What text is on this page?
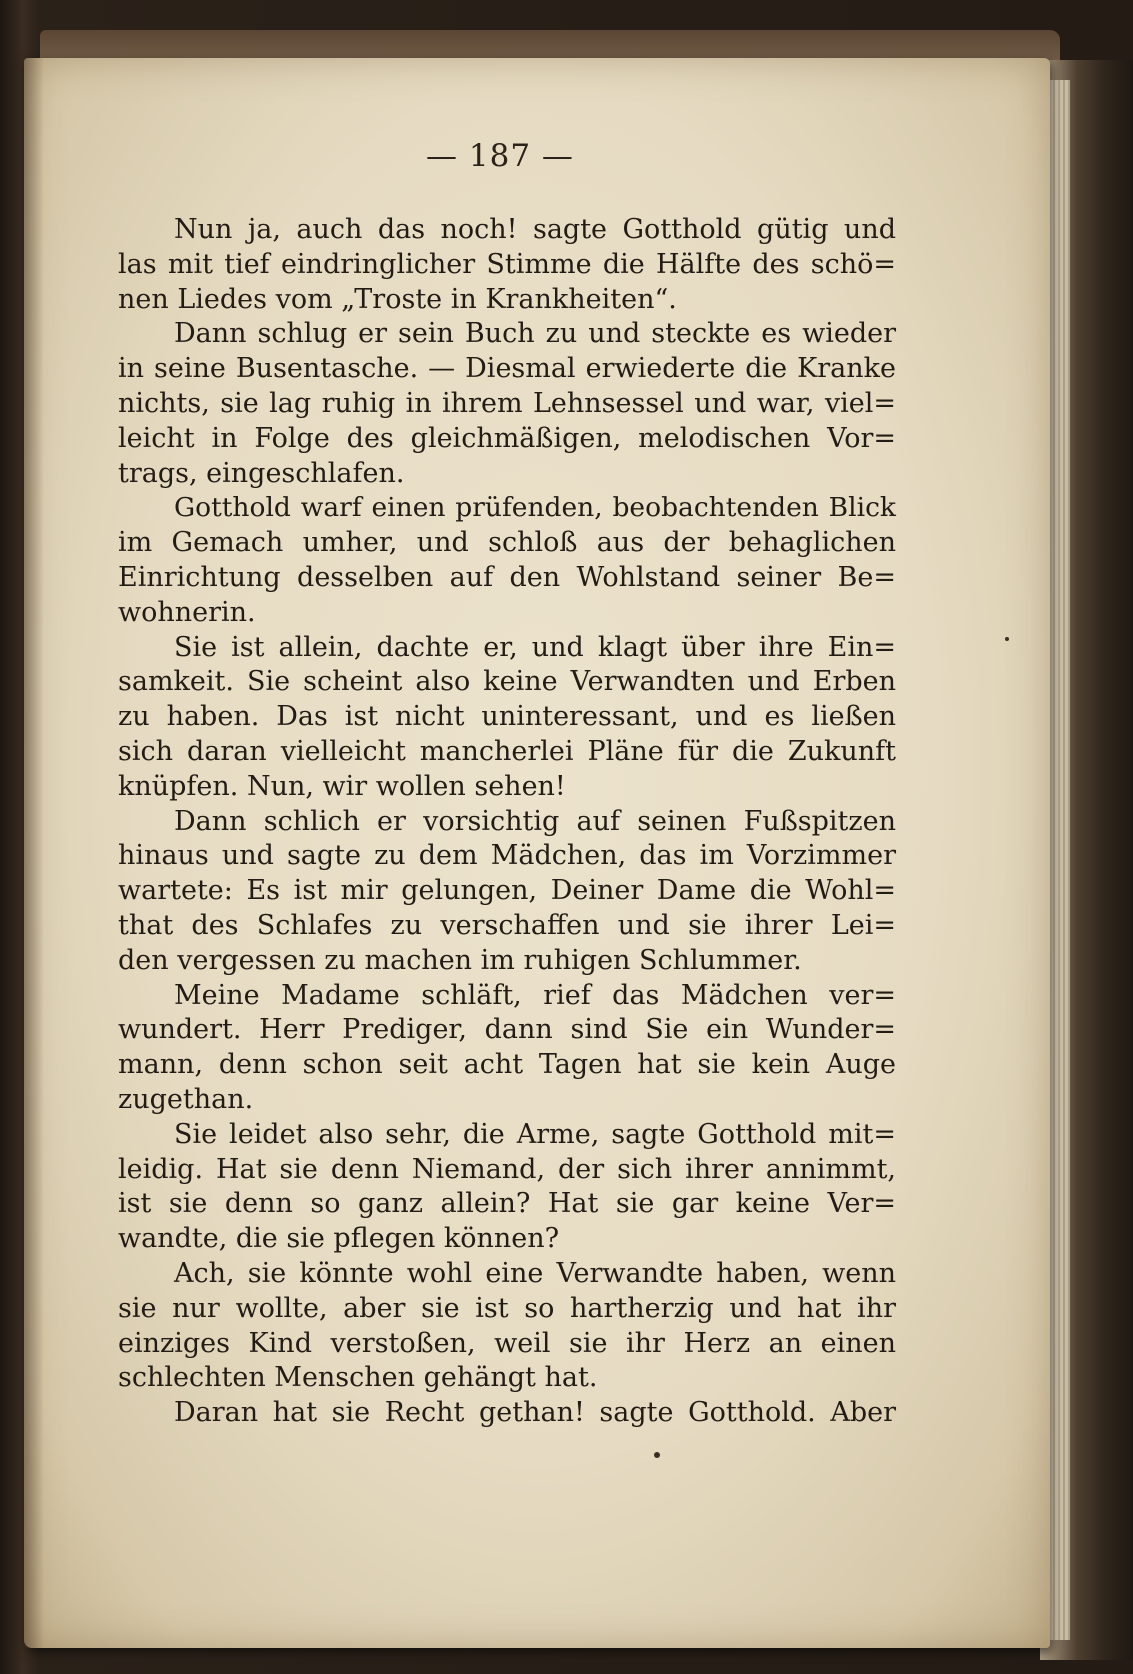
— 187 —
Nun ja, auch das noch! sagte Gotthold gütig und
las mit tief eindringlicher Stimme die Hälfte des schö=
nen Liedes vom „Troste in Krankheiten“.
Dann schlug er sein Buch zu und steckte es wieder
in seine Busentasche. — Diesmal erwiederte die Kranke
nichts, sie lag ruhig in ihrem Lehnsessel und war, viel=
leicht in Folge des gleichmäßigen, melodischen Vor=
trags, eingeschlafen.
Gotthold warf einen prüfenden, beobachtenden Blick
im Gemach umher, und schloß aus der behaglichen
Einrichtung desselben auf den Wohlstand seiner Be=
wohnerin.
Sie ist allein, dachte er, und klagt über ihre Ein=
samkeit. Sie scheint also keine Verwandten und Erben
zu haben. Das ist nicht uninteressant, und es ließen
sich daran vielleicht mancherlei Pläne für die Zukunft
knüpfen. Nun, wir wollen sehen!
Dann schlich er vorsichtig auf seinen Fußspitzen
hinaus und sagte zu dem Mädchen, das im Vorzimmer
wartete: Es ist mir gelungen, Deiner Dame die Wohl=
that des Schlafes zu verschaffen und sie ihrer Lei=
den vergessen zu machen im ruhigen Schlummer.
Meine Madame schläft, rief das Mädchen ver=
wundert. Herr Prediger, dann sind Sie ein Wunder=
mann, denn schon seit acht Tagen hat sie kein Auge
zugethan.
Sie leidet also sehr, die Arme, sagte Gotthold mit=
leidig. Hat sie denn Niemand, der sich ihrer annimmt,
ist sie denn so ganz allein? Hat sie gar keine Ver=
wandte, die sie pflegen können?
Ach, sie könnte wohl eine Verwandte haben, wenn
sie nur wollte, aber sie ist so hartherzig und hat ihr
einziges Kind verstoßen, weil sie ihr Herz an einen
schlechten Menschen gehängt hat.
Daran hat sie Recht gethan! sagte Gotthold. Aber
